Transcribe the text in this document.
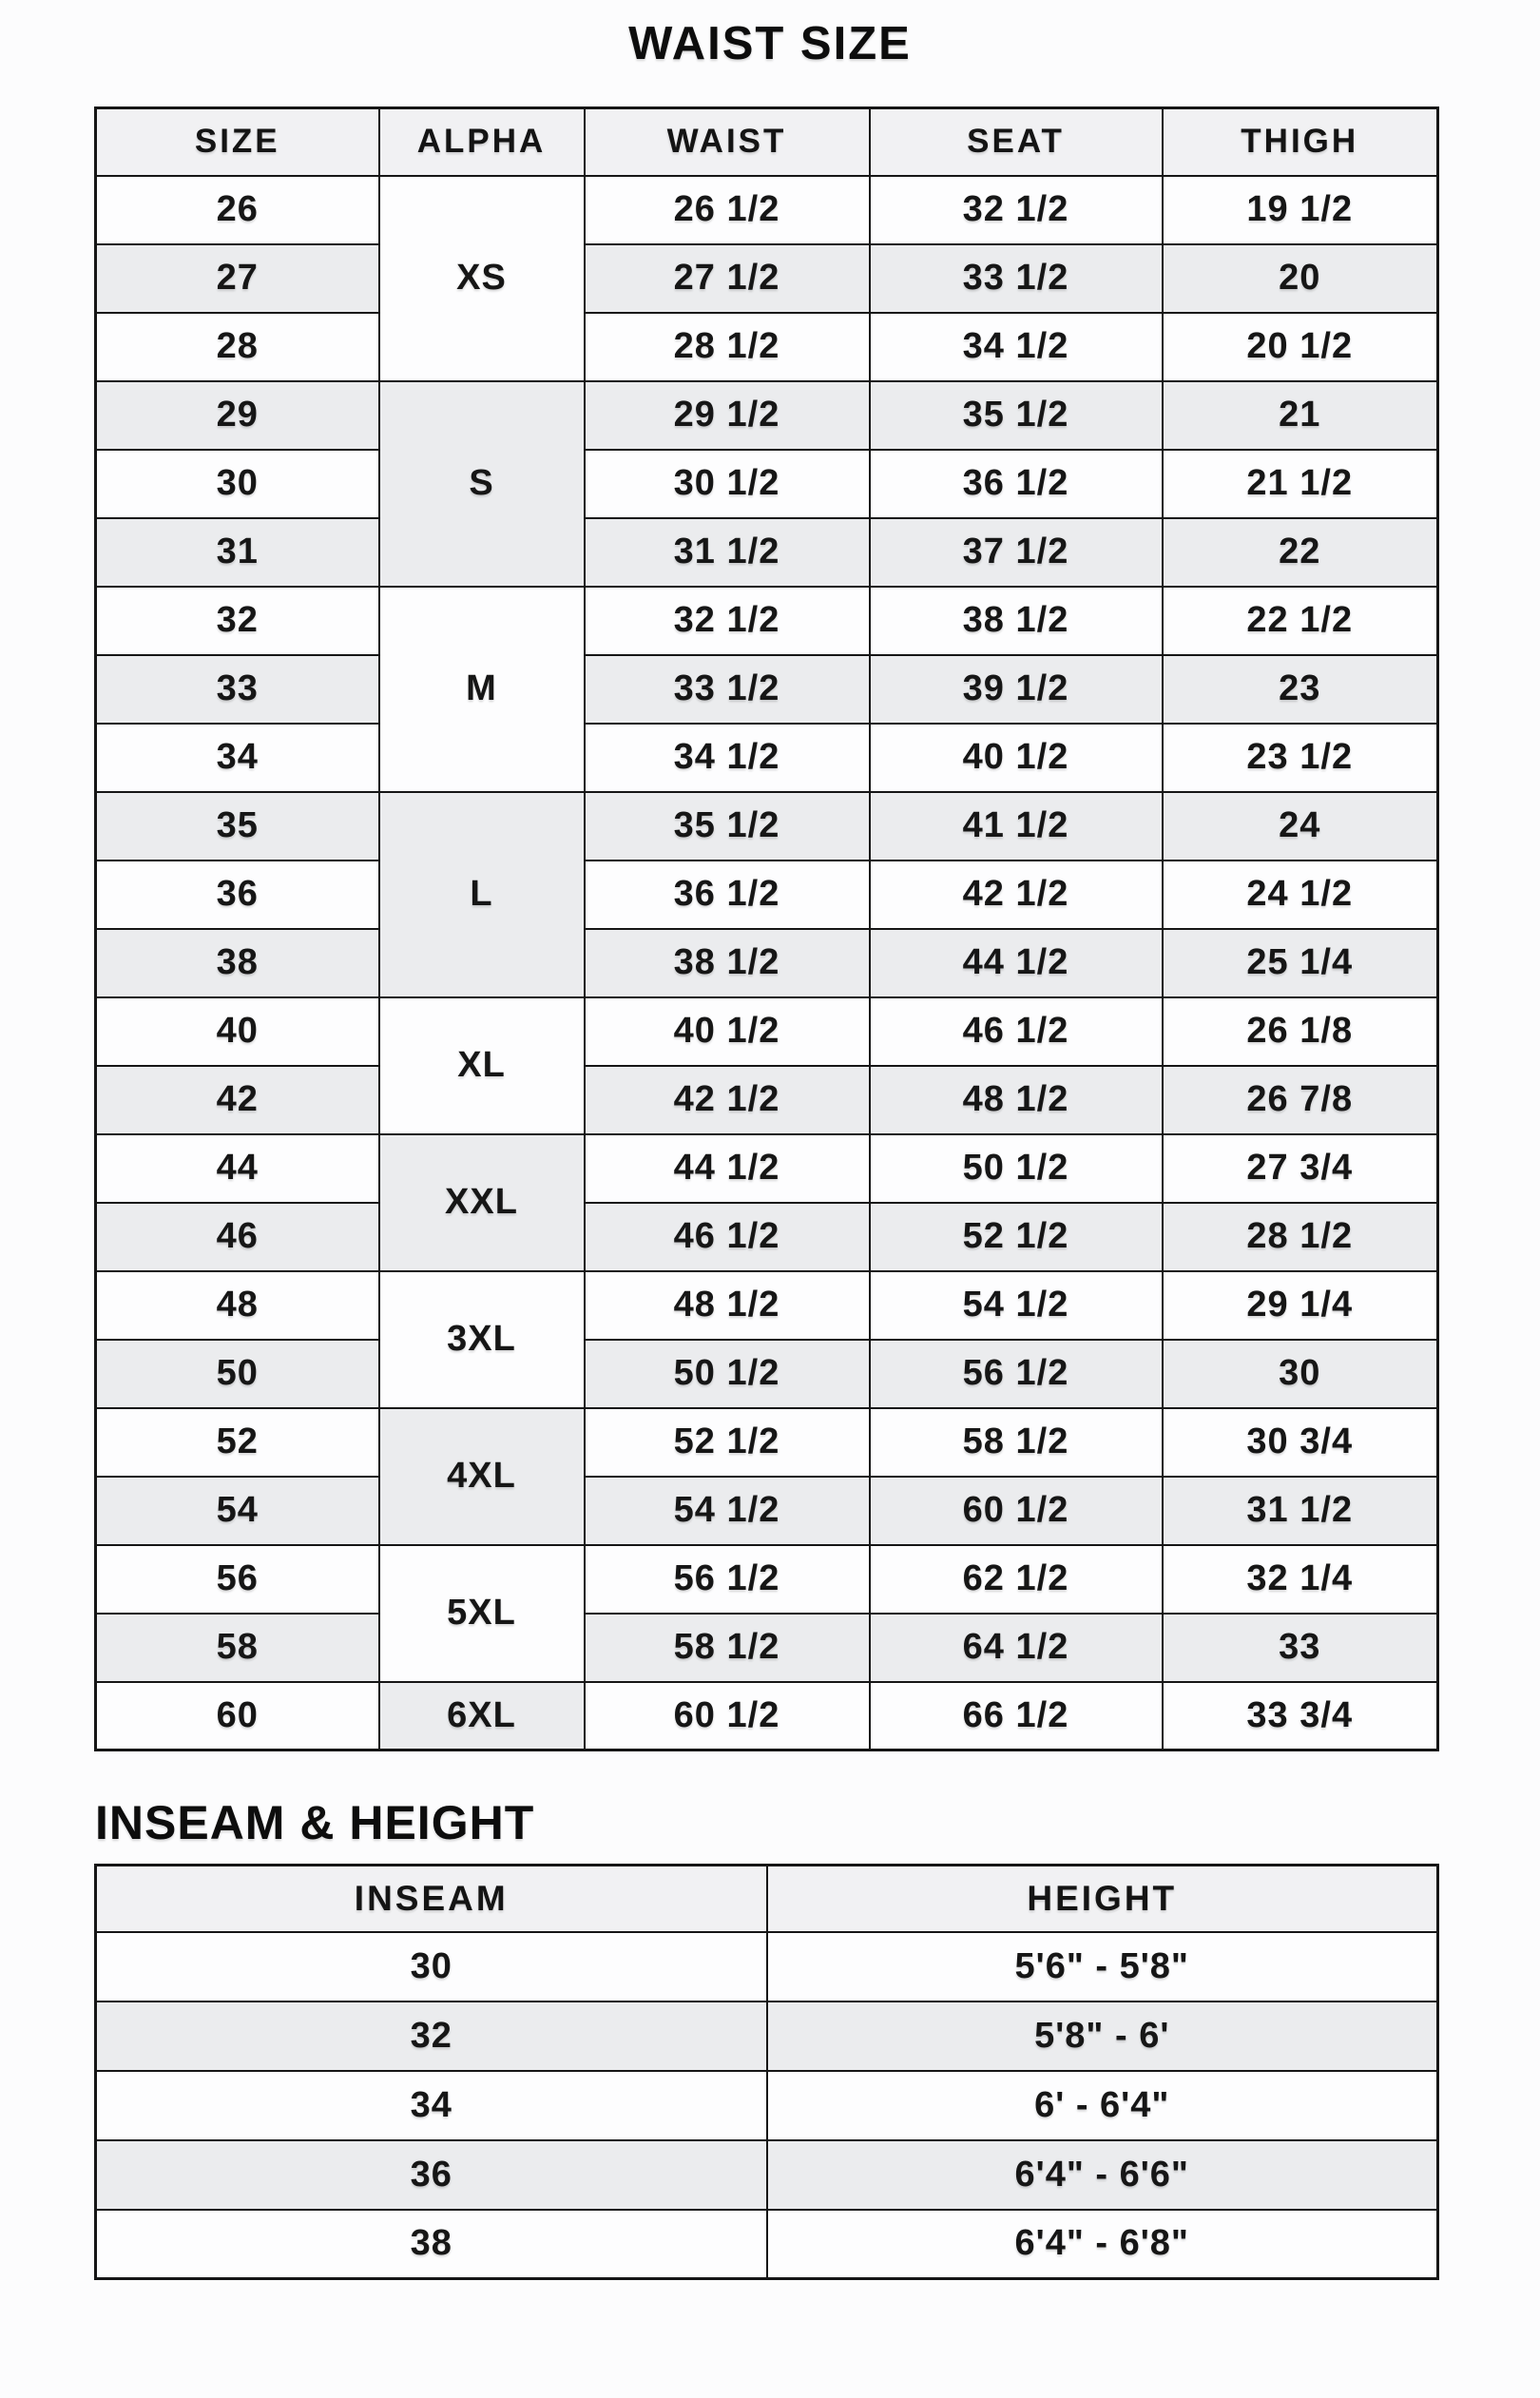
WAIST SIZE
SIZE	ALPHA	WAIST	SEAT	THIGH
26	XS	26 1/2	32 1/2	19 1/2
27		27 1/2	33 1/2	20
28		28 1/2	34 1/2	20 1/2
29	S	29 1/2	35 1/2	21
30		30 1/2	36 1/2	21 1/2
31		31 1/2	37 1/2	22
32	M	32 1/2	38 1/2	22 1/2
33		33 1/2	39 1/2	23
34		34 1/2	40 1/2	23 1/2
35	L	35 1/2	41 1/2	24
36		36 1/2	42 1/2	24 1/2
38		38 1/2	44 1/2	25 1/4
40	XL	40 1/2	46 1/2	26 1/8
42		42 1/2	48 1/2	26 7/8
44	XXL	44 1/2	50 1/2	27 3/4
46		46 1/2	52 1/2	28 1/2
48	3XL	48 1/2	54 1/2	29 1/4
50		50 1/2	56 1/2	30
52	4XL	52 1/2	58 1/2	30 3/4
54		54 1/2	60 1/2	31 1/2
56	5XL	56 1/2	62 1/2	32 1/4
58		58 1/2	64 1/2	33
60	6XL	60 1/2	66 1/2	33 3/4
INSEAM & HEIGHT
INSEAM	HEIGHT
30	5'6" - 5'8"
32	5'8" - 6'
34	6' - 6'4"
36	6'4" - 6'6"
38	6'4" - 6'8"
